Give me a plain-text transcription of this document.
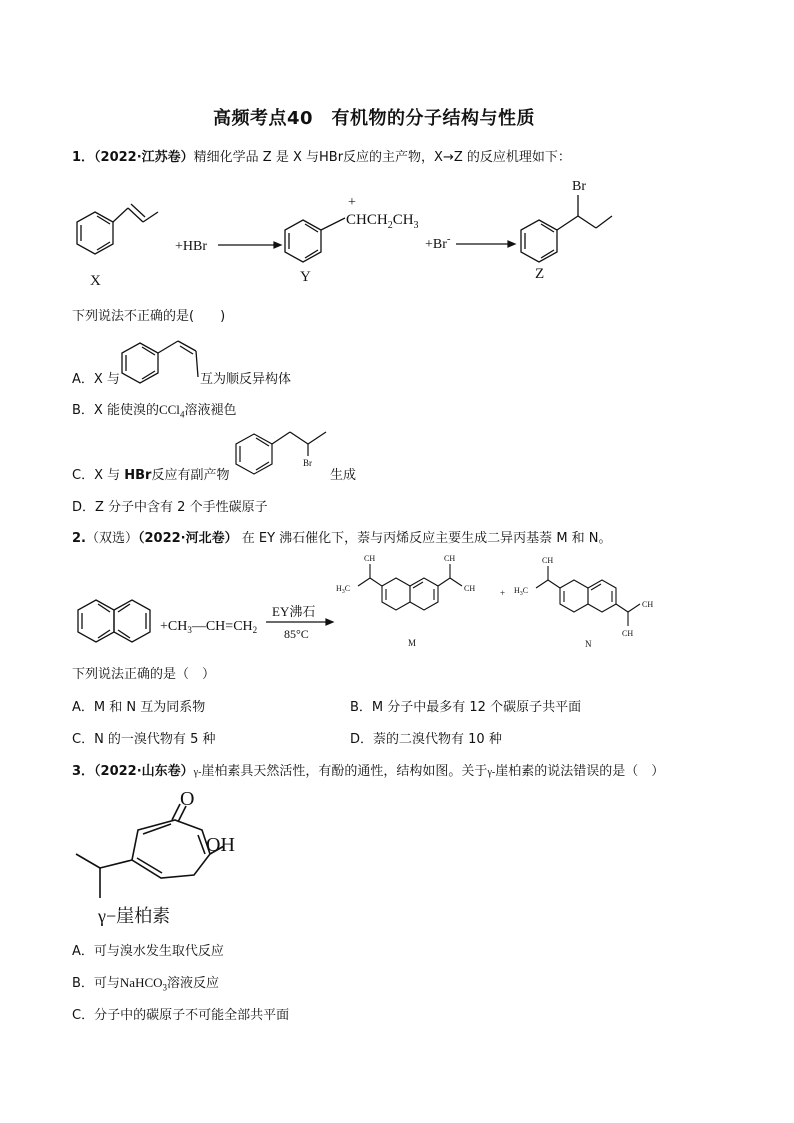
高频考点40　有机物的分子结构与性质
1．（2022·江苏卷）精细化学品 Z 是 X 与HBr反应的主产物，X→Z 的反应机理如下：
X
+HBr
+
$CHCH_2CH_3$
Y
+Br-
Br
Z
下列说法不正确的是(　　)
A．X 与	互为顺反异构体
B．X 能使溴的CCl$_4$溶液褪色
C．X 与 HBr反应有副产物
Br
生成
D．Z 分子中含有 2 个手性碳原子
2.（双选）（2022·河北卷） 在 EY 沸石催化下，萘与丙烯反应主要生成二异丙基萘 M 和 N。
$+CH_3—CH=CH_2$
EY沸石
85°C
CH
$H_3C$
CH
CH
M
+
CH
$H_3C$
CH
CH
N
下列说法正确的是（　）
A．M 和 N 互为同系物	B．M 分子中最多有 12 个碳原子共平面
C．N 的一溴代物有 5 种	D．萘的二溴代物有 10 种
3．（2022·山东卷）γ-崖柏素具天然活性，有酚的通性，结构如图。关于γ-崖柏素的说法错误的是（　）
O
OH
γ−崖柏素
A．可与溴水发生取代反应
B．可与NaHCO$_3$溶液反应
C．分子中的碳原子不可能全部共平面
